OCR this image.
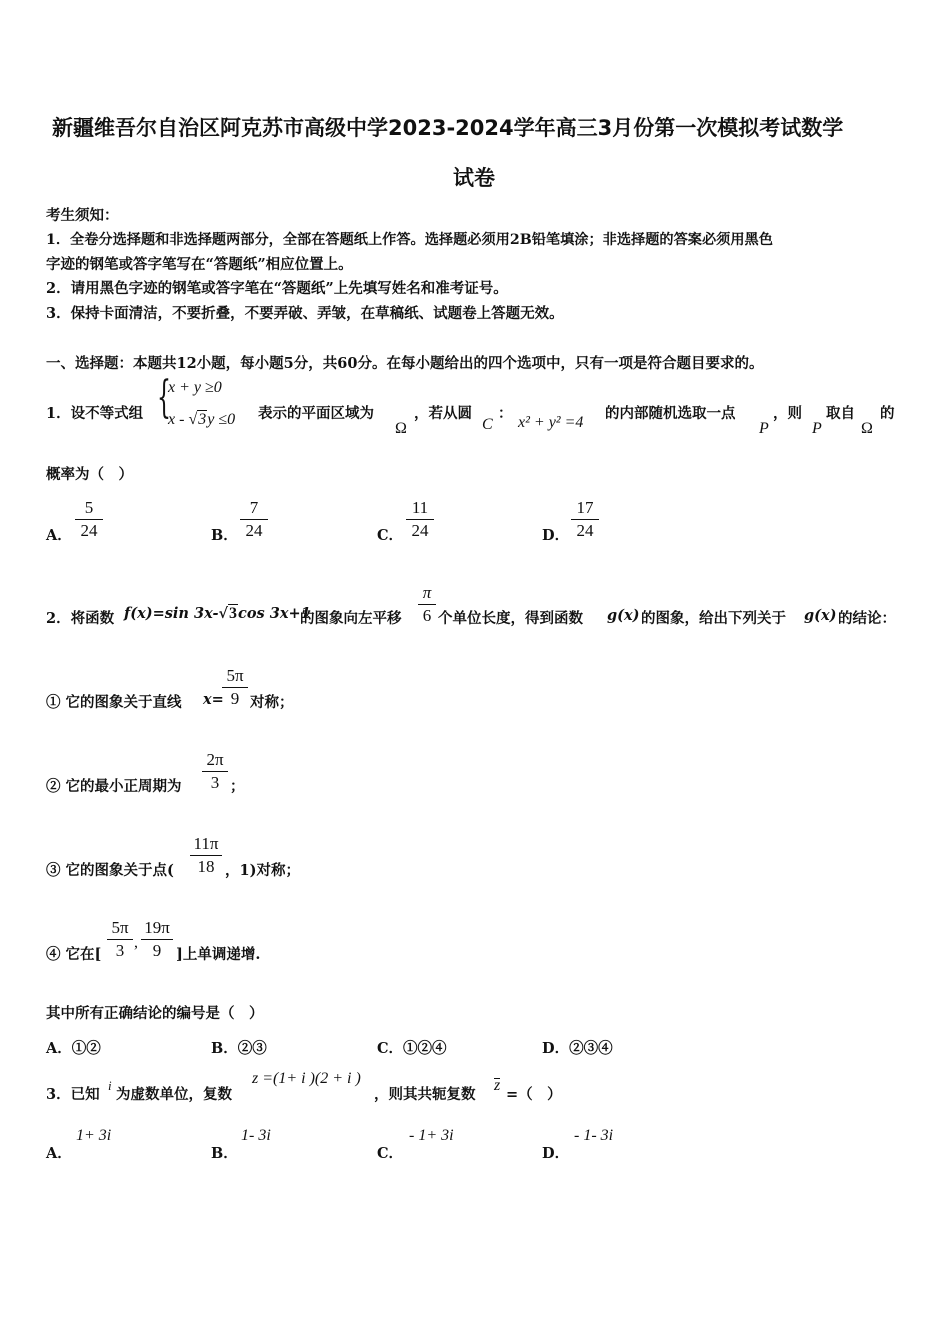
新疆维吾尔自治区阿克苏市高级中学2023-2024学年高三3月份第一次模拟考试数学
试卷
考生须知：
1．全卷分选择题和非选择题两部分，全部在答题纸上作答。选择题必须用2B铅笔填涂；非选择题的答案必须用黑色
字迹的钢笔或答字笔写在“答题纸”相应位置上。
2．请用黑色字迹的钢笔或答字笔在“答题纸”上先填写姓名和准考证号。
3．保持卡面清洁，不要折叠，不要弄破、弄皱，在草稿纸、试题卷上答题无效。
一、选择题：本题共12小题，每小题5分，共60分。在每小题给出的四个选项中，只有一项是符合题目要求的。
1．设不等式组 {
x + y ≥0
x - √3y ≤0 表示的平面区域为
Ω
，若从圆
C
：
x² + y² =4
的内部随机选取一点
P
，则
P
取自
Ω
的
概率为（　）
A．
5
24	B．
7
24	C．
11
24	D．
17
24
2．将函数 f(x)=sin 3x-√3cos 3x+1
的图象向左平移
π
6 个单位长度，得到函数 g(x) 的图象，给出下列关于 g(x) 的结论：
① 它的图象关于直线 x=
5π
9 对称；
② 它的最小正周期为
2π
3 ；
③ 它的图象关于点(
11π
18 ，1)对称；
④ 它在[
5π
3 ,
19π
9	]上单调递增.
其中所有正确结论的编号是（　）
A．①②	B．②③	C．①②④	D．②③④
3．已知
i
为虚数单位，复数
z =(1+ i )(2 + i )
，则其共轭复数
z
=（　）
A．
1+ 3i
B．
1- 3i
C．
- 1+ 3i
D．
- 1- 3i
